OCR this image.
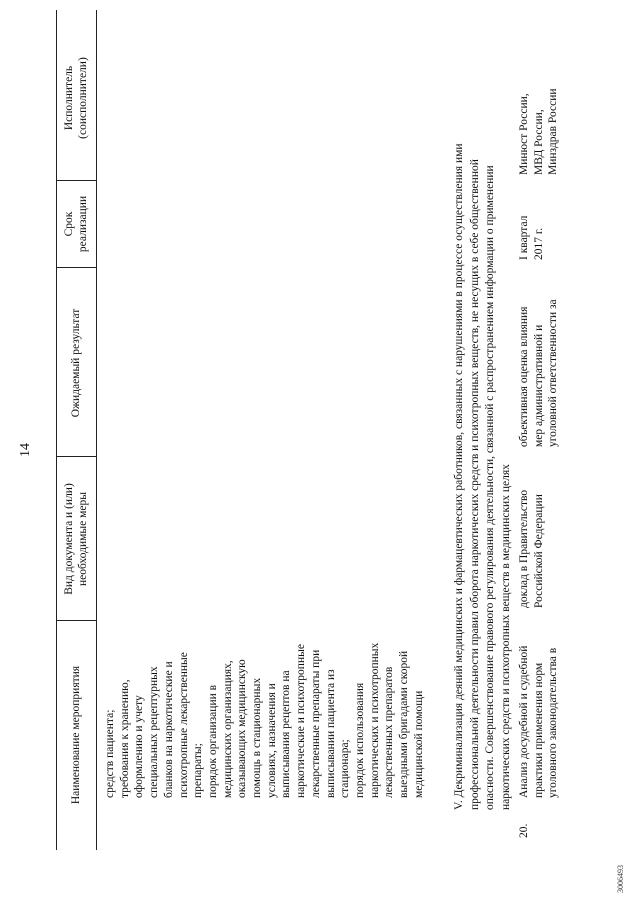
14
Наименование мероприятия
Вид документа и (или)
необходимые меры
Ожидаемый результат
Срок
реализации
Исполнитель
(соисполнители)
средств пациента;
требования к хранению,
оформлению и учету
специальных рецептурных
бланков на наркотические и
психотропные лекарственные
препараты;
порядок организации в
медицинских организациях,
оказывающих медицинскую
помощь в стационарных
условиях, назначения и
выписывания рецептов на
наркотические и психотропные
лекарственные препараты при
выписывании пациента из
стационара;
порядок использования
наркотических и психотропных
лекарственных препаратов
выездными бригадами скорой
медицинской помощи
V. Декриминализация деяний медицинских и фармацевтических работников, связанных с нарушениями в процессе осуществления ими
профессиональной деятельности правил оборота наркотических средств и психотропных веществ, не несущих в себе общественной
опасности. Совершенствование правового регулирования деятельности, связанной с распространением информации о применении
наркотических средств и психотропных веществ в медицинских целях
20.
Анализ досудебной и судебной
практики применения норм
уголовного законодательства в
доклад в Правительство
Российской Федерации
объективная оценка влияния
мер административной и
уголовной ответственности за
I квартал
2017 г.
Минюст России,
МВД России,
Минздрав России
3006493
